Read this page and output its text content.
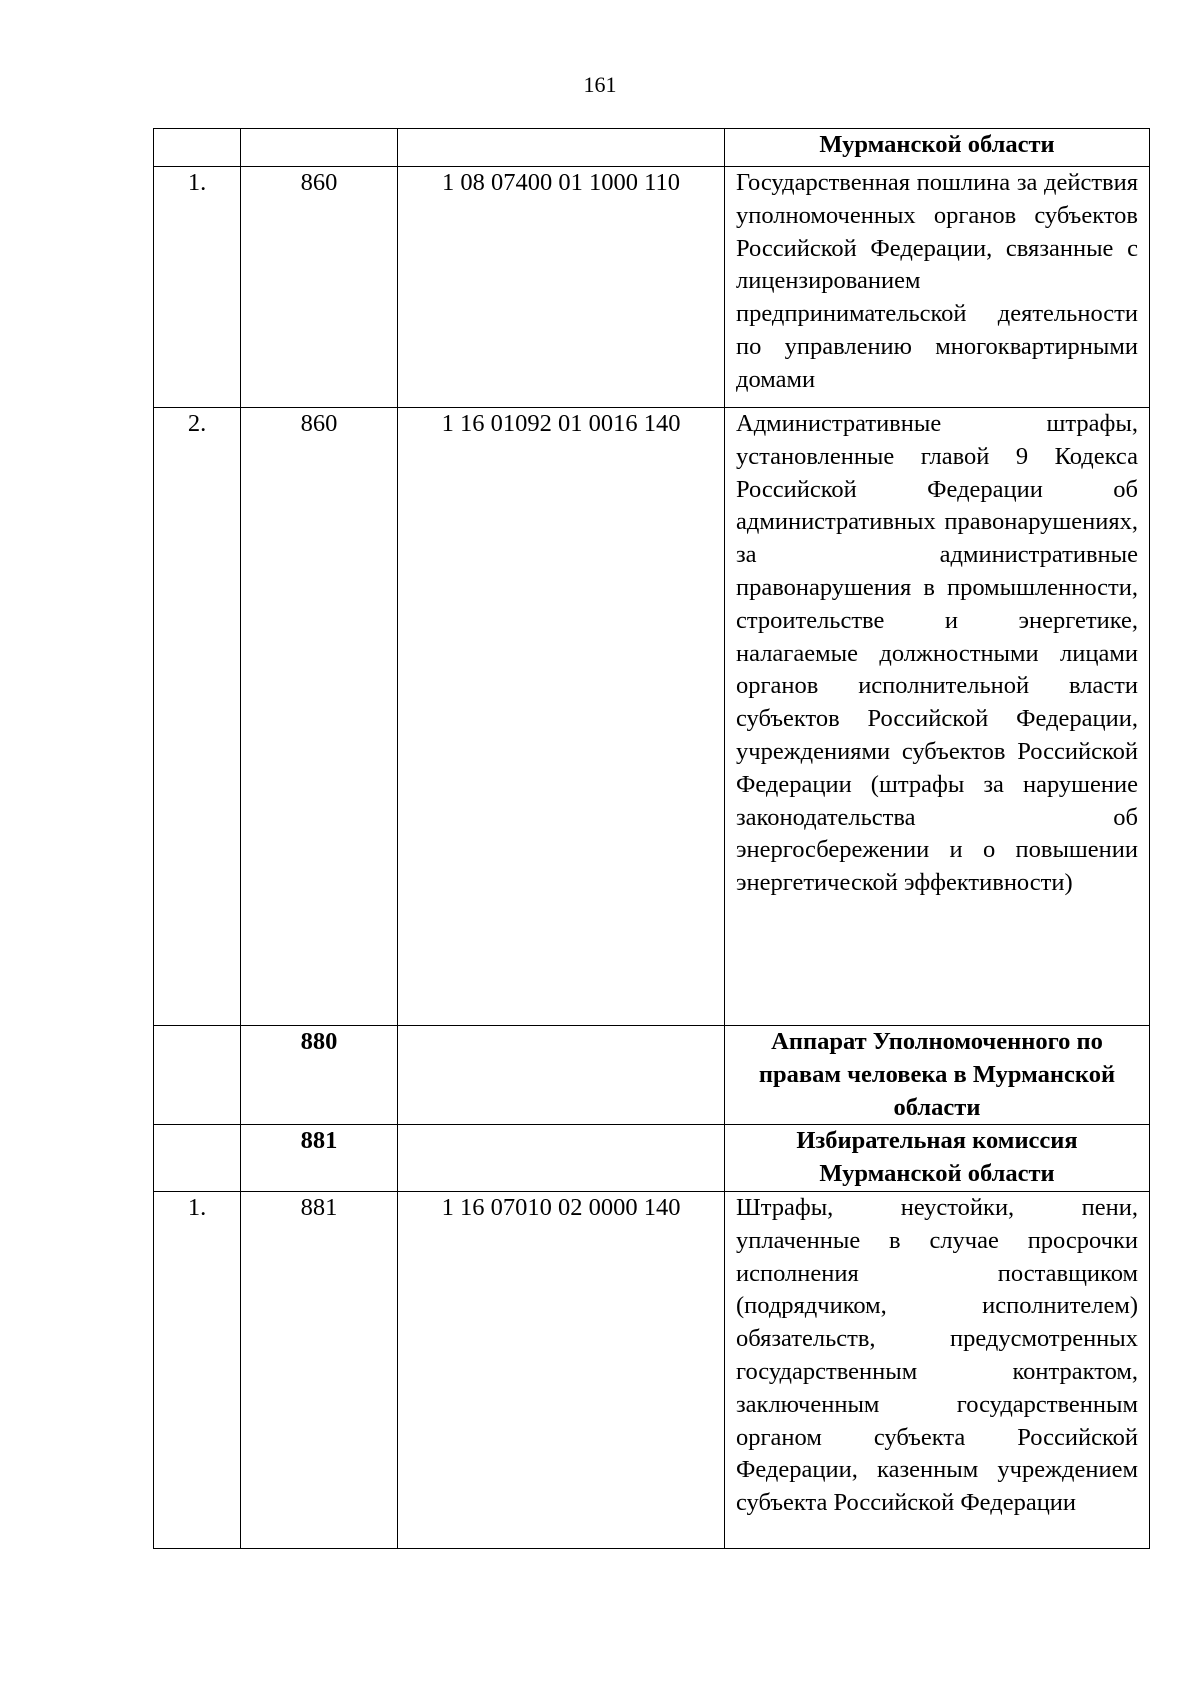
161

			Мурманской области

1.	860	1 08 07400 01 1000 110	Государственная пошлина за действия уполномоченных органов субъектов Российской Федерации, связанные с лицензированием предпринимательской деятельности по управлению многоквартирными домами

2.	860	1 16 01092 01 0016 140	Административные штрафы, установленные главой 9 Кодекса Российской Федерации об административных правонарушениях, за административные правонарушения в промышленности, строительстве и энергетике, налагаемые должностными лицами органов исполнительной власти субъектов Российской Федерации, учреждениями субъектов Российской Федерации (штрафы за нарушение законодательства об энергосбережении и о повышении энергетической эффективности)

	880		Аппарат Уполномоченного по правам человека в Мурманской области

	881		Избирательная комиссия Мурманской области

1.	881	1 16 07010 02 0000 140	Штрафы, неустойки, пени, уплаченные в случае просрочки исполнения поставщиком (подрядчиком, исполнителем) обязательств, предусмотренных государственным контрактом, заключенным государственным органом субъекта Российской Федерации, казенным учреждением субъекта Российской Федерации
